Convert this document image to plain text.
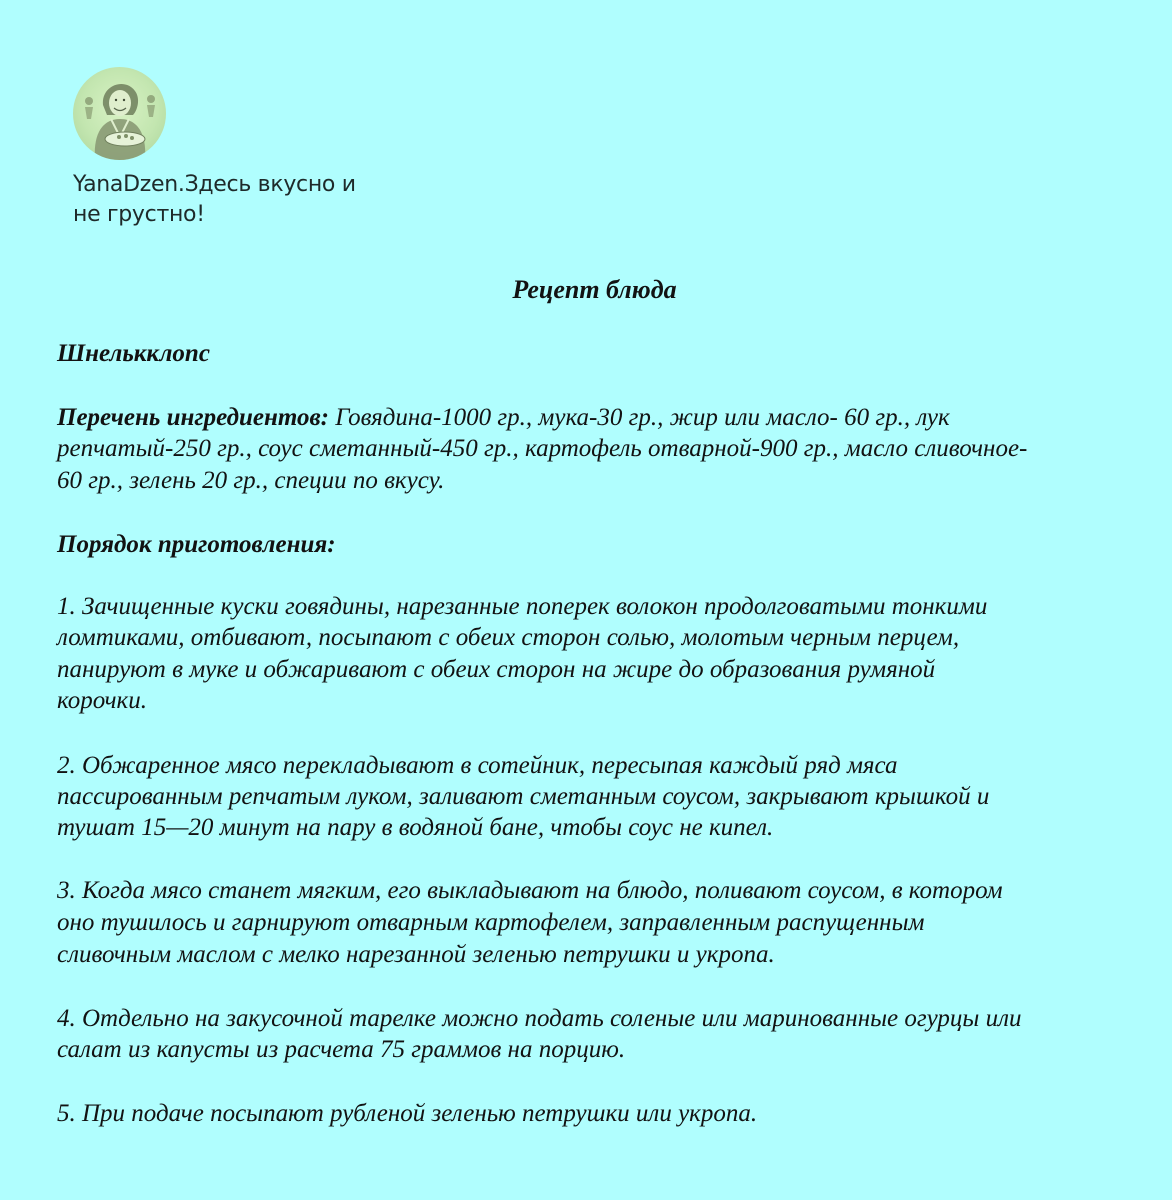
YanaDzen.Здесь вкусно и
не грустно!
Рецепт блюда
Шнелькклопс
Перечень ингредиентов: Говядина-1000 гр., мука-30 гр., жир или масло- 60 гр., лук
репчатый-250 гр., соус сметанный-450 гр., картофель отварной-900 гр., масло сливочное-
60 гр., зелень 20 гр., специи по вкусу.
Порядок приготовления:
1. Зачищенные куски говядины, нарезанные поперек волокон продолговатыми тонкими
ломтиками, отбивают, посыпают с обеих сторон солью, молотым черным перцем,
панируют в муке и обжаривают с обеих сторон на жире до образования румяной
корочки.
2. Обжаренное мясо перекладывают в сотейник, пересыпая каждый ряд мяса
пассированным репчатым луком, заливают сметанным соусом, закрывают крышкой и
тушат 15—20 минут на пару в водяной бане, чтобы соус не кипел.
3. Когда мясо станет мягким, его выкладывают на блюдо, поливают соусом, в котором
оно тушилось и гарнируют отварным картофелем, заправленным распущенным
сливочным маслом с мелко нарезанной зеленью петрушки и укропа.
4. Отдельно на закусочной тарелке можно подать соленые или маринованные огурцы или
салат из капусты из расчета 75 граммов на порцию.
5. При подаче посыпают рубленой зеленью петрушки или укропа.
